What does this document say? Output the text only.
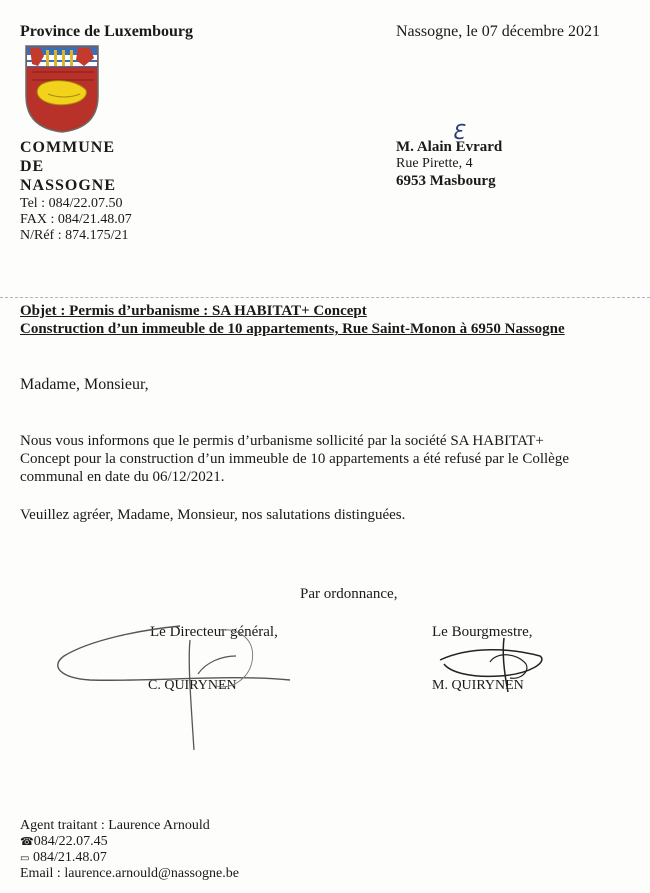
Province de Luxembourg	Nassogne, le 07 décembre 2021
COMMUNE
DE
NASSOGNE
Tel : 084/22.07.50
FAX : 084/21.48.07
N/Réf : 874.175/21
M. Alain Evrard
Rue Pirette, 4
6953 Masbourg
Objet : Permis d’urbanisme : SA HABITAT+ Concept
Construction d’un immeuble de 10 appartements, Rue Saint-Monon à 6950 Nassogne
Madame, Monsieur,
Nous vous informons que le permis d’urbanisme sollicité par la société SA HABITAT+
Concept pour la construction d’un immeuble de 10 appartements a été refusé par le Collège
communal en date du 06/12/2021.
Veuillez agréer, Madame, Monsieur, nos salutations distinguées.
Par ordonnance,
Le Directeur général,
C. QUIRYNEN
Le Bourgmestre,
M. QUIRYNEN
Ɛ
Agent traitant : Laurence Arnould
☎084/22.07.45
▭ 084/21.48.07
Email : laurence.arnould@nassogne.be
